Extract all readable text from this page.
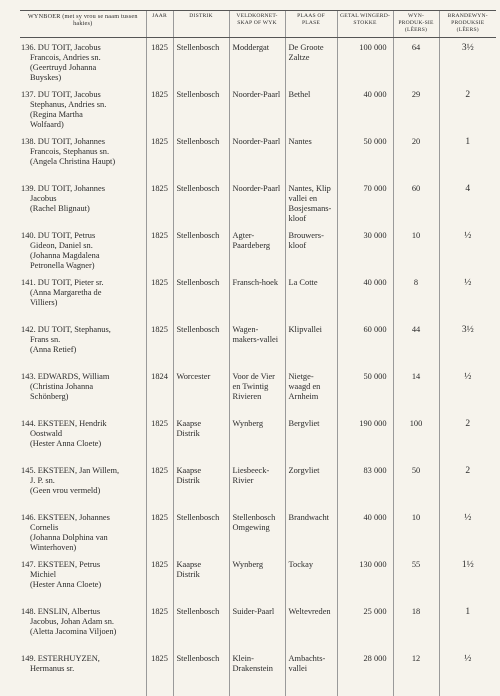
WYNBOER (met sy vrou se naam tussen hakies)	JAAR	DISTRIK	VELDKORNET-SKAP OF WYK	PLAAS OF PLASE	GETAL WINGERD-STOKKE	WYN-PRODUK-SIE (LÊERS)	BRANDEWYN-PRODUKSIE (LÊERS)

136. DU TOIT, Jacobus
Francois, Andries sn.
(Geertruyd Johanna
Buyskes)	1825	Stellenbosch	Moddergat	De Groote Zaltze	100 000	64	3½

137. DU TOIT, Jacobus
Stephanus, Andries sn.
(Regina Martha
Wolfaard)	1825	Stellenbosch	Noorder-Paarl	Bethel	40 000	29	2

138. DU TOIT, Johannes
Francois, Stephanus sn.
(Angela Christina Haupt)	1825	Stellenbosch	Noorder-Paarl	Nantes	50 000	20	1

139. DU TOIT, Johannes
Jacobus
(Rachel Blignaut)	1825	Stellenbosch	Noorder-Paarl	Nantes, Klip vallei en Bosjesmans-kloof	70 000	60	4

140. DU TOIT, Petrus
Gideon, Daniel sn.
(Johanna Magdalena
Petronella Wagner)	1825	Stellenbosch	Agter-Paardeberg	Brouwers-kloof	30 000	10	½

141. DU TOIT, Pieter sr.
(Anna Margaretha de
Villiers)	1825	Stellenbosch	Fransch-hoek	La Cotte	40 000	8	½

142. DU TOIT, Stephanus,
Frans sn.
(Anna Retief)	1825	Stellenbosch	Wagen-makers-vallei	Klipvallei	60 000	44	3½

143. EDWARDS, William
(Christina Johanna
Schönberg)	1824	Worcester	Voor de Vier en Twintig Rivieren	Nietge-waagd en Arnheim	50 000	14	½

144. EKSTEEN, Hendrik
Oostwald
(Hester Anna Cloete)	1825	Kaapse Distrik	Wynberg	Bergvliet	190 000	100	2

145. EKSTEEN, Jan Willem,
J. P. sn.
(Geen vrou vermeld)	1825	Kaapse Distrik	Liesbeeck-Rivier	Zorgvliet	83 000	50	2

146. EKSTEEN, Johannes
Cornelis
(Johanna Dolphina van
Winterhoven)	1825	Stellenbosch	Stellenbosch Omgewing	Brandwacht	40 000	10	½

147. EKSTEEN, Petrus
Michiel
(Hester Anna Cloete)	1825	Kaapse Distrik	Wynberg	Tockay	130 000	55	1½

148. ENSLIN, Albertus
Jacobus, Johan Adam sn.
(Aletta Jacomina Viljoen)	1825	Stellenbosch	Suider-Paarl	Weltevreden	25 000	18	1

149. ESTERHUYZEN,
Hermanus sr.	1825	Stellenbosch	Klein-Drakenstein	Ambachts-vallei	28 000	12	½
